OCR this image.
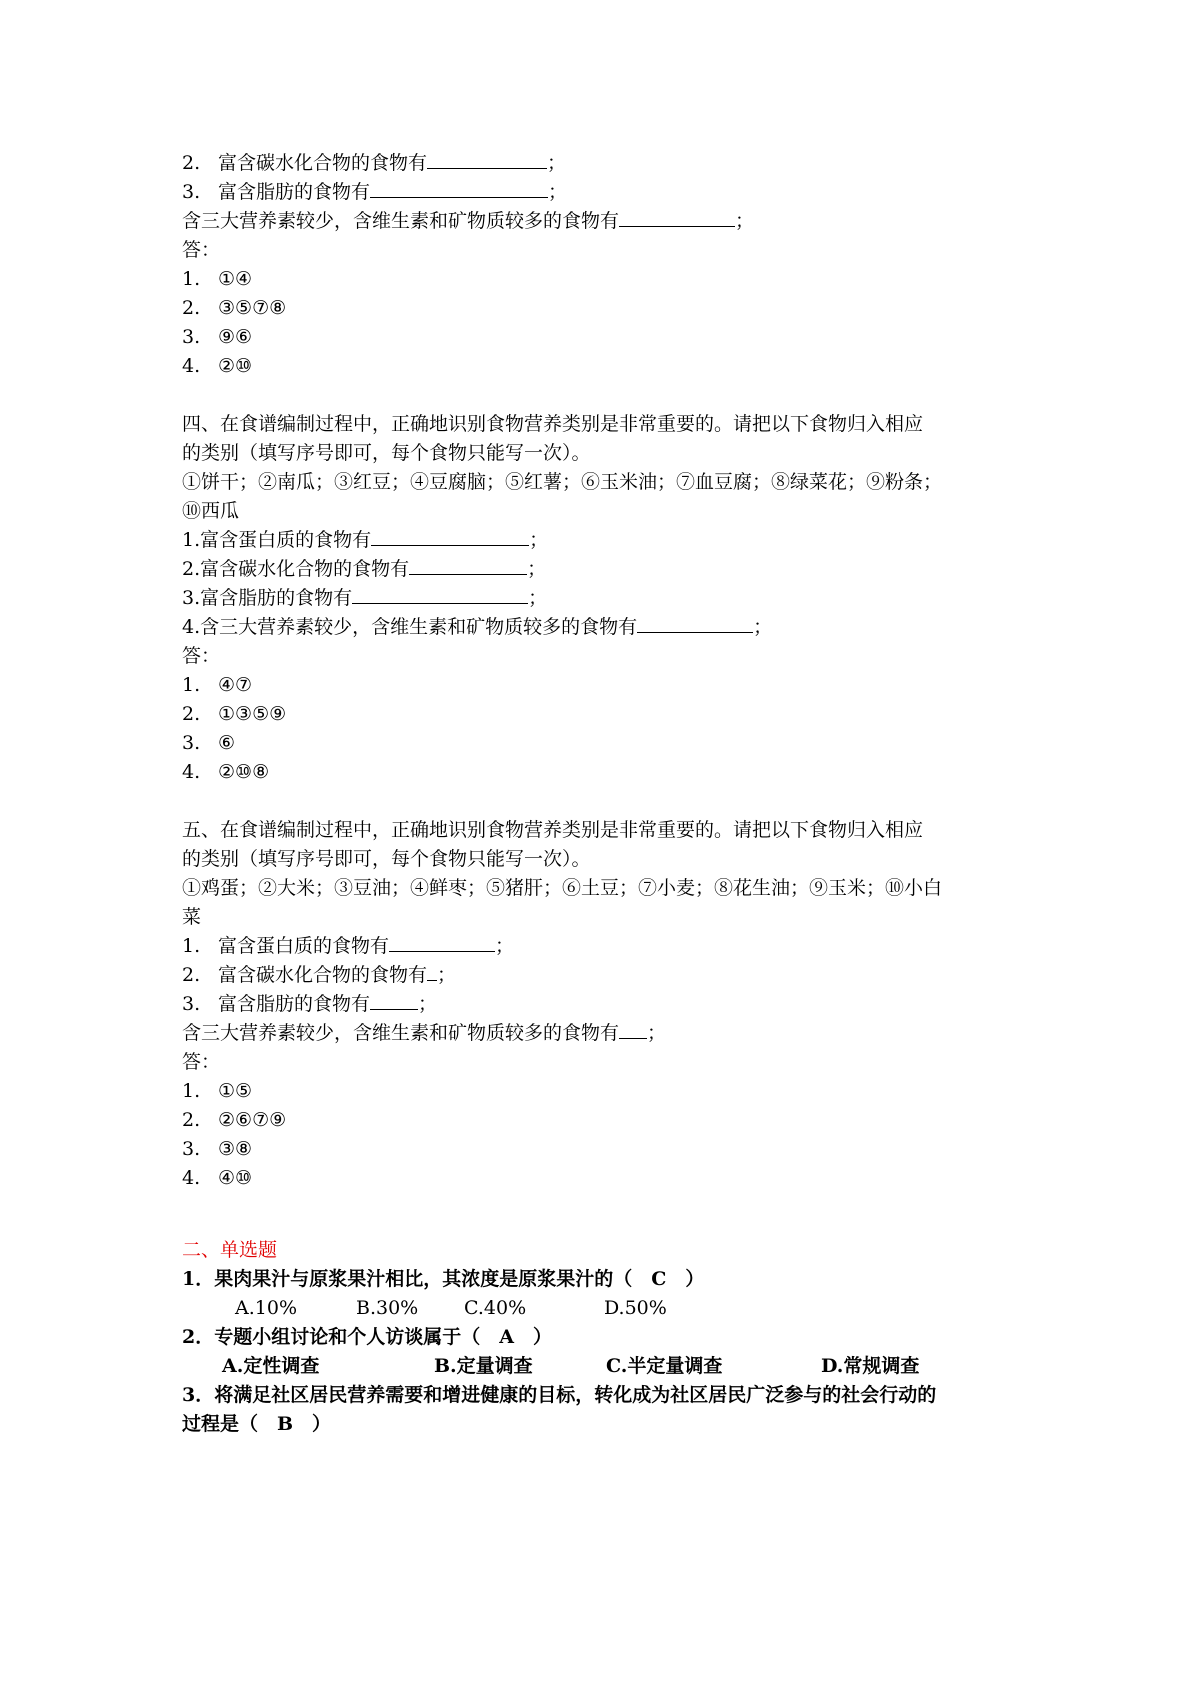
2. 富含碳水化合物的食物有	；
3. 富含脂肪的食物有	；
含三大营养素较少，含维生素和矿物质较多的食物有	；
答：
1. ①④
2. ③⑤⑦⑧
3. ⑨⑥
4. ②⑩
四、在食谱编制过程中，正确地识别食物营养类别是非常重要的。请把以下食物归入相应
的类别（填写序号即可，每个食物只能写一次）。
①饼干；②南瓜；③红豆；④豆腐脑；⑤红薯；⑥玉米油；⑦血豆腐；⑧绿菜花；⑨粉条；
⑩西瓜
1.富含蛋白质的食物有	；
2.富含碳水化合物的食物有	；
3.富含脂肪的食物有	；
4.含三大营养素较少，含维生素和矿物质较多的食物有	；
答：
1. ④⑦
2. ①③⑤⑨
3. ⑥
4. ②⑩⑧
五、在食谱编制过程中，正确地识别食物营养类别是非常重要的。请把以下食物归入相应
的类别（填写序号即可，每个食物只能写一次）。
①鸡蛋；②大米；③豆油；④鲜枣；⑤猪肝；⑥土豆；⑦小麦；⑧花生油；⑨玉米；⑩小白
菜
1. 富含蛋白质的食物有	；
2. 富含碳水化合物的食物有 ；
3. 富含脂肪的食物有	；
含三大营养素较少，含维生素和矿物质较多的食物有 ；
答：
1. ①⑤
2. ②⑥⑦⑨
3. ③⑧
4. ④⑩
二、单选题
1．果肉果汁与原浆果汁相比，其浓度是原浆果汁的（　C　）
A.10%	B.30% C.40%	D.50%
2．专题小组讨论和个人访谈属于（　A　）
A.定性调查	B.定量调查	C.半定量调查	D.常规调查
3．将满足社区居民营养需要和增进健康的目标，转化成为社区居民广泛参与的社会行动的
过程是（　B　）
